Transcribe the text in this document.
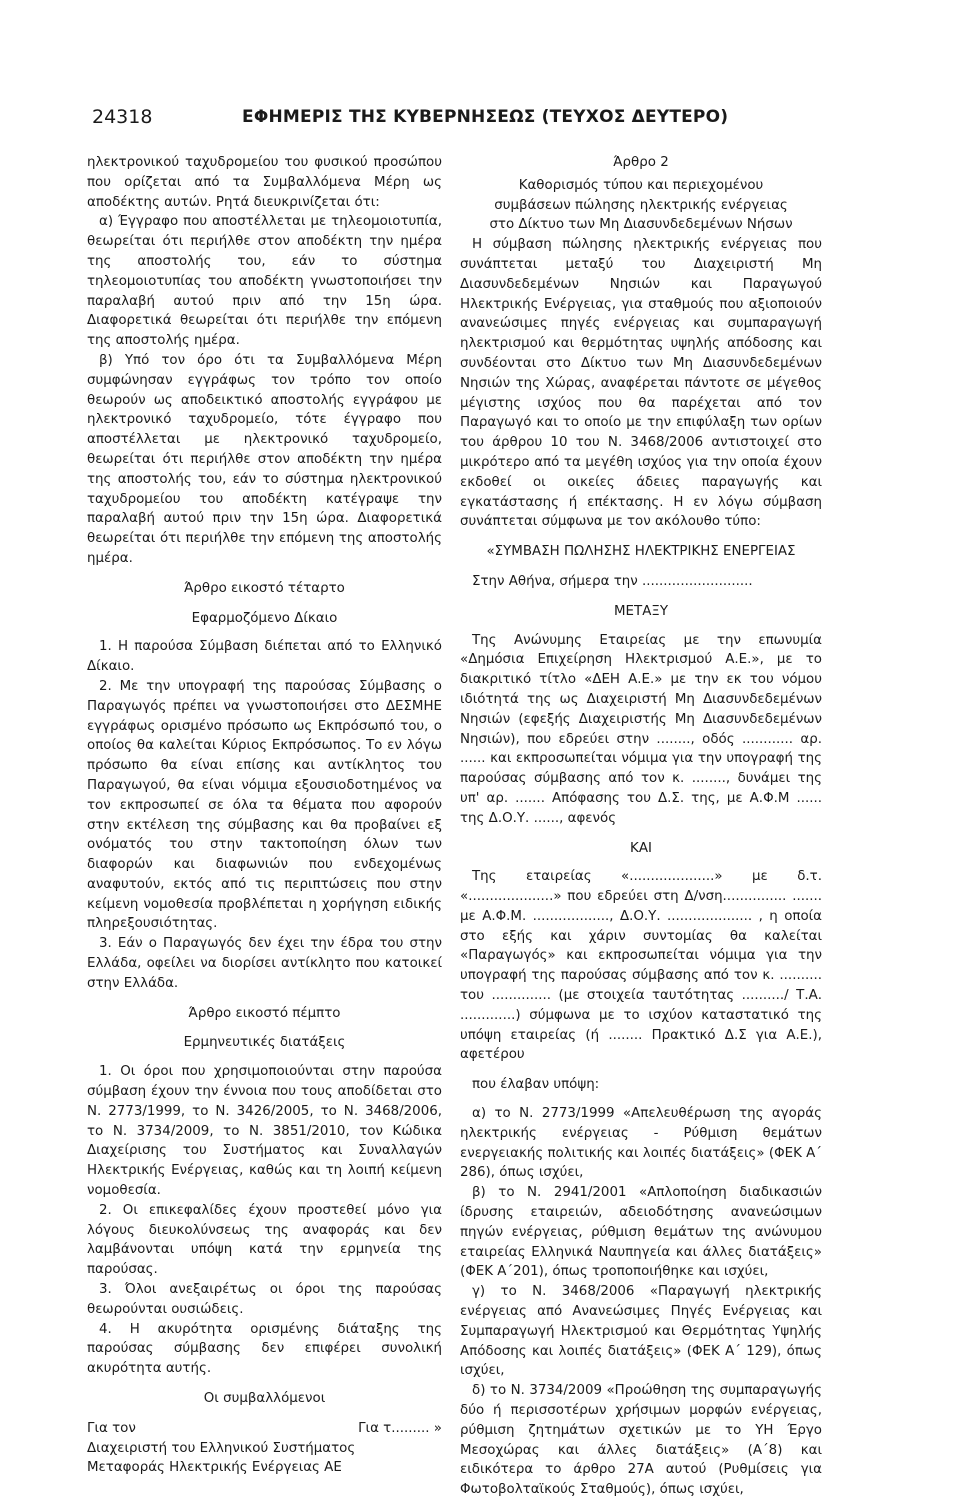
24318	ΕΦΗΜΕΡΙΣ ΤΗΣ ΚΥΒΕΡΝΗΣΕΩΣ (ΤΕΥΧΟΣ ΔΕΥΤΕΡΟ)

ηλεκτρονικού ταχυδρομείου του φυσικού προσώπου που ορίζεται από τα Συμβαλλόμενα Μέρη ως αποδέκτης αυτών. Ρητά διευκρινίζεται ότι:

α) Έγγραφο που αποστέλλεται με τηλεομοιοτυπία, θεωρείται ότι περιήλθε στον αποδέκτη την ημέρα της αποστολής του, εάν το σύστημα τηλεομοιοτυπίας του αποδέκτη γνωστοποιήσει την παραλαβή αυτού πριν από την 15η ώρα. Διαφορετικά θεωρείται ότι περιήλθε την επόμενη της αποστολής ημέρα.

β) Υπό τον όρο ότι τα Συμβαλλόμενα Μέρη συμφώνησαν εγγράφως τον τρόπο τον οποίο θεωρούν ως αποδεικτικό αποστολής εγγράφου με ηλεκτρονικό ταχυδρομείο, τότε έγγραφο που αποστέλλεται με ηλεκτρονικό ταχυδρομείο, θεωρείται ότι περιήλθε στον αποδέκτη την ημέρα της αποστολής του, εάν το σύστημα ηλεκτρονικού ταχυδρομείου του αποδέκτη κατέγραψε την παραλαβή αυτού πριν την 15η ώρα. Διαφορετικά θεωρείται ότι περιήλθε την επόμενη της αποστολής ημέρα.

Άρθρο εικοστό τέταρτο

Εφαρμοζόμενο Δίκαιο

1. Η παρούσα Σύμβαση διέπεται από το Ελληνικό Δίκαιο.

2. Με την υπογραφή της παρούσας Σύμβασης ο Παραγωγός πρέπει να γνωστοποιήσει στο ΔΕΣΜΗΕ εγγράφως ορισμένο πρόσωπο ως Εκπρόσωπό του, ο οποίος θα καλείται Κύριος Εκπρόσωπος. Το εν λόγω πρόσωπο θα είναι επίσης και αντίκλητος του Παραγωγού, θα είναι νόμιμα εξουσιοδοτημένος να τον εκπροσωπεί σε όλα τα θέματα που αφορούν στην εκτέλεση της σύμβασης και θα προβαίνει εξ ονόματός του στην τακτοποίηση όλων των διαφορών και διαφωνιών που ενδεχομένως αναφυτούν, εκτός από τις περιπτώσεις που στην κείμενη νομοθεσία προβλέπεται η χορήγηση ειδικής πληρεξουσιότητας.

3. Εάν ο Παραγωγός δεν έχει την έδρα του στην Ελλάδα, οφείλει να διορίσει αντίκλητο που κατοικεί στην Ελλάδα.

Άρθρο εικοστό πέμπτο

Ερμηνευτικές διατάξεις

1. Οι όροι που χρησιμοποιούνται στην παρούσα σύμβαση έχουν την έννοια που τους αποδίδεται στο Ν. 2773/1999, το Ν. 3426/2005, το Ν. 3468/2006, το Ν. 3734/2009, το Ν. 3851/2010, τον Κώδικα Διαχείρισης του Συστήματος και Συναλλαγών Ηλεκτρικής Ενέργειας, καθώς και τη λοιπή κείμενη νομοθεσία.

2. Οι επικεφαλίδες έχουν προστεθεί μόνο για λόγους διευκολύνσεως της αναφοράς και δεν λαμβάνονται υπόψη κατά την ερμηνεία της παρούσας.

3. Όλοι ανεξαιρέτως οι όροι της παρούσας θεωρούνται ουσιώδεις.

4. Η ακυρότητα ορισμένης διάταξης της παρούσας σύμβασης δεν επιφέρει συνολική ακυρότητα αυτής.

Οι συμβαλλόμενοι

Για τον
Διαχειριστή του Ελληνικού Συστήματος
Μεταφοράς Ηλεκτρικής Ενέργειας ΑΕ
Για τ......... »

Άρθρο 2

Καθορισμός τύπου και περιεχομένου συμβάσεων πώλησης ηλεκτρικής ενέργειας στο Δίκτυο των Μη Διασυνδεδεμένων Νήσων

Η σύμβαση πώλησης ηλεκτρικής ενέργειας που συνάπτεται μεταξύ του Διαχειριστή Μη Διασυνδεδεμένων Νησιών και Παραγωγού Ηλεκτρικής Ενέργειας, για σταθμούς που αξιοποιούν ανανεώσιμες πηγές ενέργειας και συμπαραγωγή ηλεκτρισμού και θερμότητας υψηλής απόδοσης και συνδέονται στο Δίκτυο των Μη Διασυνδεδεμένων Νησιών της Χώρας, αναφέρεται πάντοτε σε μέγεθος μέγιστης ισχύος που θα παρέχεται από τον Παραγωγό και το οποίο με την επιφύλαξη των ορίων του άρθρου 10 του Ν. 3468/2006 αντιστοιχεί στο μικρότερο από τα μεγέθη ισχύος για την οποία έχουν εκδοθεί οι οικείες άδειες παραγωγής και εγκατάστασης ή επέκτασης. Η εν λόγω σύμβαση συνάπτεται σύμφωνα με τον ακόλουθο τύπο:

«ΣΥΜΒΑΣΗ ΠΩΛΗΣΗΣ ΗΛΕΚΤΡΙΚΗΣ ΕΝΕΡΓΕΙΑΣ

Στην Αθήνα, σήμερα την ..........................

ΜΕΤΑΞΥ

Της Ανώνυμης Εταιρείας με την επωνυμία «Δημόσια Επιχείρηση Ηλεκτρισμού Α.Ε.», με το διακριτικό τίτλο «ΔΕΗ Α.Ε.» με την εκ του νόμου ιδιότητά της ως Διαχειριστή Μη Διασυνδεδεμένων Νησιών (εφεξής Διαχειριστής Μη Διασυνδεδεμένων Νησιών), που εδρεύει στην ........, οδός ............ αρ. ...... και εκπροσωπείται νόμιμα για την υπογραφή της παρούσας σύμβασης από τον κ. ........, δυνάμει της υπ' αρ. ....... Απόφασης του Δ.Σ. της, με Α.Φ.Μ ...... της Δ.Ο.Υ. ......, αφενός

ΚΑΙ

Της εταιρείας «....................» με δ.τ. «....................» που εδρεύει στη Δ/νση............... ....... με Α.Φ.Μ. .................., Δ.Ο.Υ. .................... , η οποία στο εξής και χάριν συντομίας θα καλείται «Παραγωγός» και εκπροσωπείται νόμιμα για την υπογραφή της παρούσας σύμβασης από τον κ. .......... του .............. (με στοιχεία ταυτότητας ........../ Τ.Α. .............) σύμφωνα με το ισχύον καταστατικό της υπόψη εταιρείας (ή ........ Πρακτικό Δ.Σ για Α.Ε.), αφετέρου

που έλαβαν υπόψη:

α) το Ν. 2773/1999 «Απελευθέρωση της αγοράς ηλεκτρικής ενέργειας - Ρύθμιση θεμάτων ενεργειακής πολιτικής και λοιπές διατάξεις» (ΦΕΚ Α΄ 286), όπως ισχύει,

β) το Ν. 2941/2001 «Απλοποίηση διαδικασιών ίδρυσης εταιρειών, αδειοδότησης ανανεώσιμων πηγών ενέργειας, ρύθμιση θεμάτων της ανώνυμου εταιρείας Ελληνικά Ναυπηγεία και άλλες διατάξεις» (ΦΕΚ Α΄201), όπως τροποποιήθηκε και ισχύει,

γ) το Ν. 3468/2006 «Παραγωγή ηλεκτρικής ενέργειας από Ανανεώσιμες Πηγές Ενέργειας και Συμπαραγωγή Ηλεκτρισμού και Θερμότητας Υψηλής Απόδοσης και λοιπές διατάξεις» (ΦΕΚ Α΄ 129), όπως ισχύει,

δ) το Ν. 3734/2009 «Προώθηση της συμπαραγωγής δύο ή περισσοτέρων χρήσιμων μορφών ενέργειας, ρύθμιση ζητημάτων σχετικών με το ΥΗ Έργο Μεσοχώρας και άλλες διατάξεις» (Α΄8) και ειδικότερα το άρθρο 27Α αυτού (Ρυθμίσεις για Φωτοβολταϊκούς Σταθμούς), όπως ισχύει,
